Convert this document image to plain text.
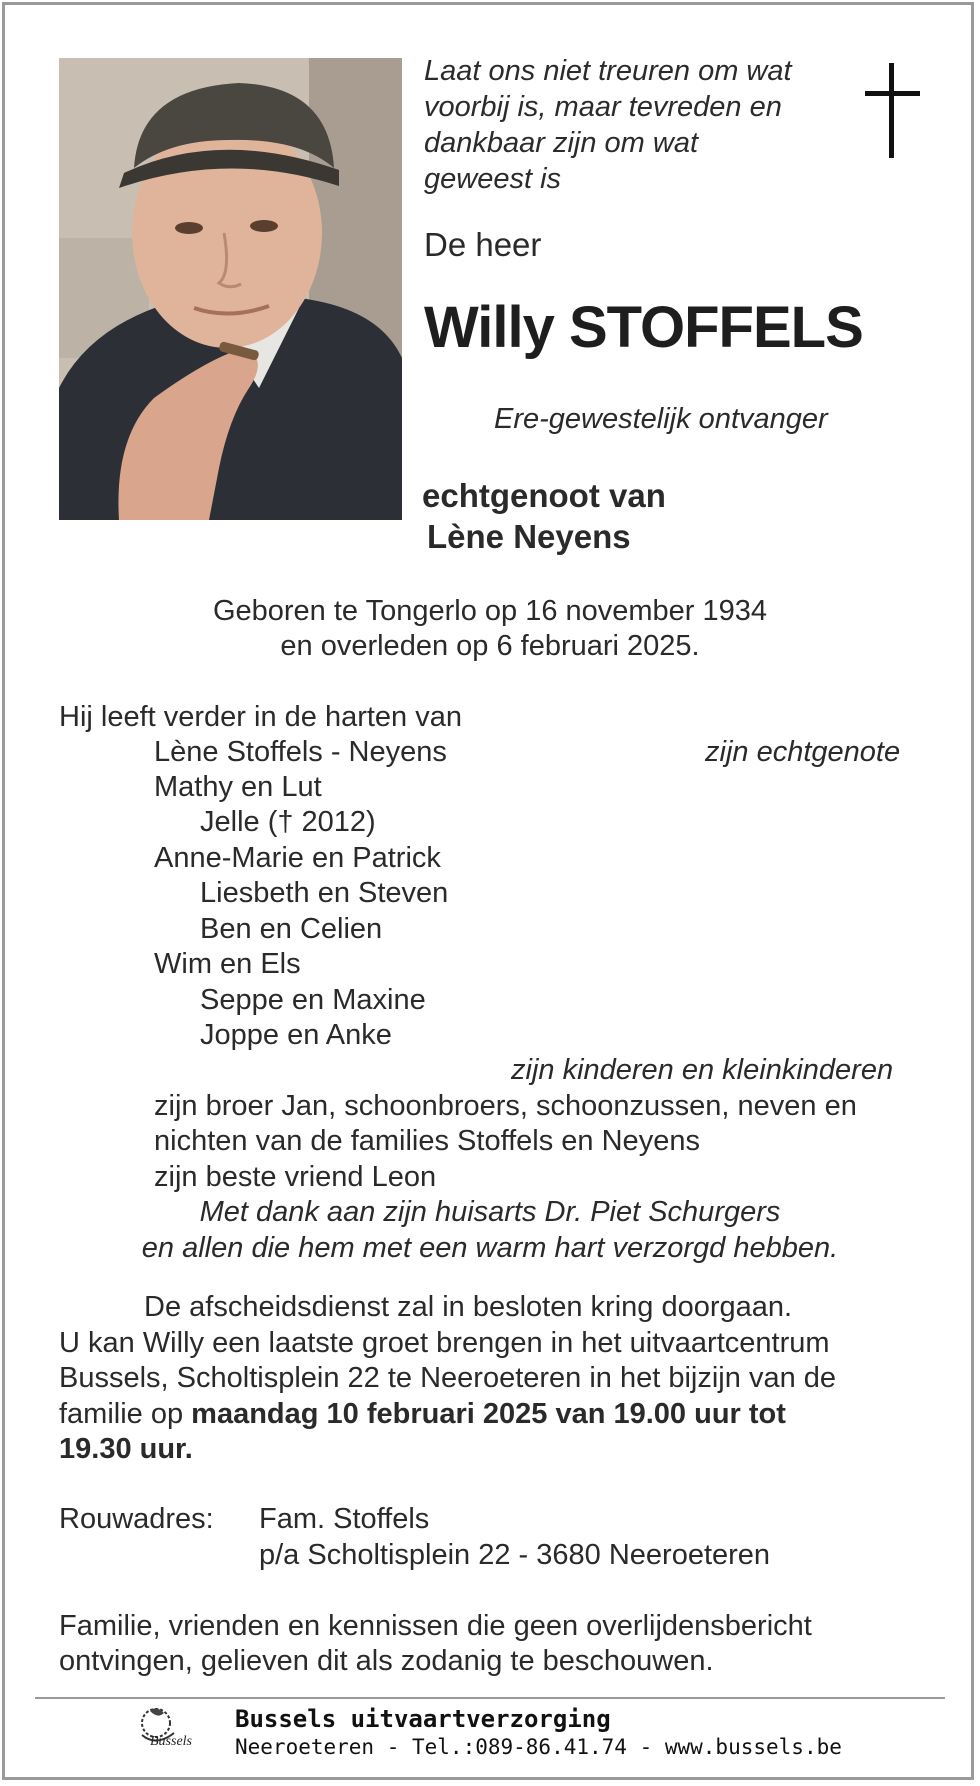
Laat ons niet treuren om wat
voorbij is, maar tevreden en
dankbaar zijn om wat
geweest is
De heer
Willy STOFFELS
Ere-gewestelijk ontvanger
echtgenoot van
Lène Neyens
Geboren te Tongerlo op 16 november 1934
en overleden op 6 februari 2025.
Hij leeft verder in de harten van
Lène Stoffels - Neyens	zijn echtgenote
Mathy en Lut
Jelle († 2012)
Anne-Marie en Patrick
Liesbeth en Steven
Ben en Celien
Wim en Els
Seppe en Maxine
Joppe en Anke
zijn kinderen en kleinkinderen
zijn broer Jan, schoonbroers, schoonzussen, neven en
nichten van de families Stoffels en Neyens
zijn beste vriend Leon
Met dank aan zijn huisarts Dr. Piet Schurgers
en allen die hem met een warm hart verzorgd hebben.
De afscheidsdienst zal in besloten kring doorgaan.
U kan Willy een laatste groet brengen in het uitvaartcentrum
Bussels, Scholtisplein 22 te Neeroeteren in het bijzijn van de
familie op maandag 10 februari 2025 van 19.00 uur tot
19.30 uur.
Rouwadres: Fam. Stoffels
p/a Scholtisplein 22 - 3680 Neeroeteren
Familie, vrienden en kennissen die geen overlijdensbericht
ontvingen, gelieven dit als zodanig te beschouwen.
Bussels
Bussels uitvaartverzorging
Neeroeteren - Tel.:089-86.41.74 - www.bussels.be
